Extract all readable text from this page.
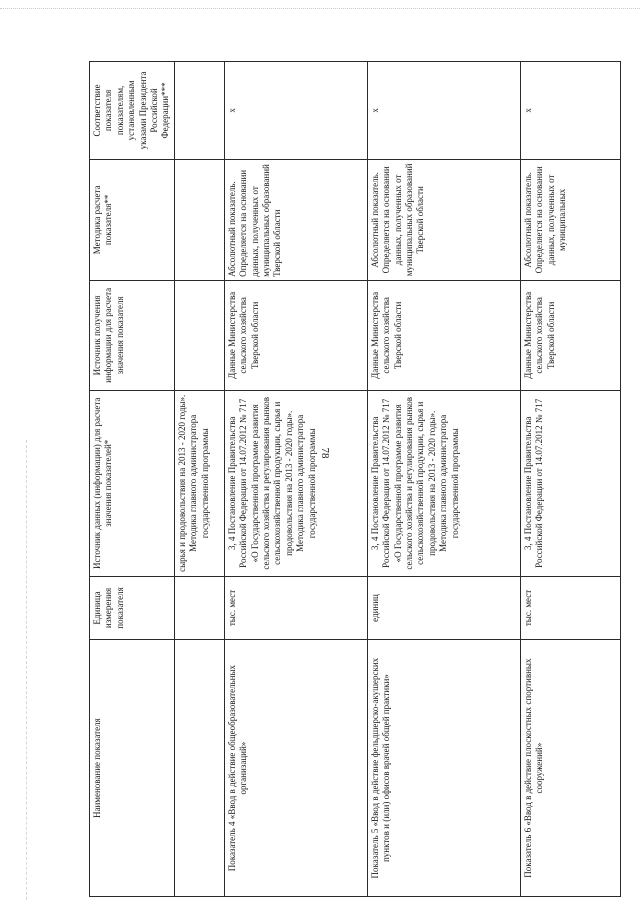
78
Наименование показателя	Единица измерения показателя	Источник данных (информации) для расчета значения показателей*	Источник получения информации для расчета значения показателя	Методика расчета показателя**	Соответствие показателя показателям, установленным указами Президента Российской Федерации***
		сырья и продовольствия на 2013 - 2020 годы». Методика главного администратора государственной программы			
Показатель 4 «Ввод в действие общеобразовательных организаций»	тыс. мест	3, 4 Постановление Правительства Российской Федерации от 14.07.2012 № 717 «О Государственной программе развития сельского хозяйства и регулирования рынков сельскохозяйственной продукции, сырья и продовольствия на 2013 - 2020 годы». Методика главного администратора государственной программы	Данные Министерства сельского хозяйства Тверской области	Абсолютный показатель. Определяется на основании данных, полученных от муниципальных образований Тверской области	x
Показатель 5 «Ввод в действие фельдшерско-акушерских пунктов и (или) офисов врачей общей практики»	единиц	3, 4 Постановление Правительства Российской Федерации от 14.07.2012 № 717 «О Государственной программе развития сельского хозяйства и регулирования рынков сельскохозяйственной продукции, сырья и продовольствия на 2013 - 2020 годы». Методика главного администратора государственной программы	Данные Министерства сельского хозяйства Тверской области	Абсолютный показатель. Определяется на основании данных, полученных от муниципальных образований Тверской области	x
Показатель 6 «Ввод в действие плоскостных спортивных сооружений»	тыс. мест	3, 4 Постановление Правительства Российской Федерации от 14.07.2012 № 717	Данные Министерства сельского хозяйства Тверской области	Абсолютный показатель. Определяется на основании данных, полученных от муниципальных	x
